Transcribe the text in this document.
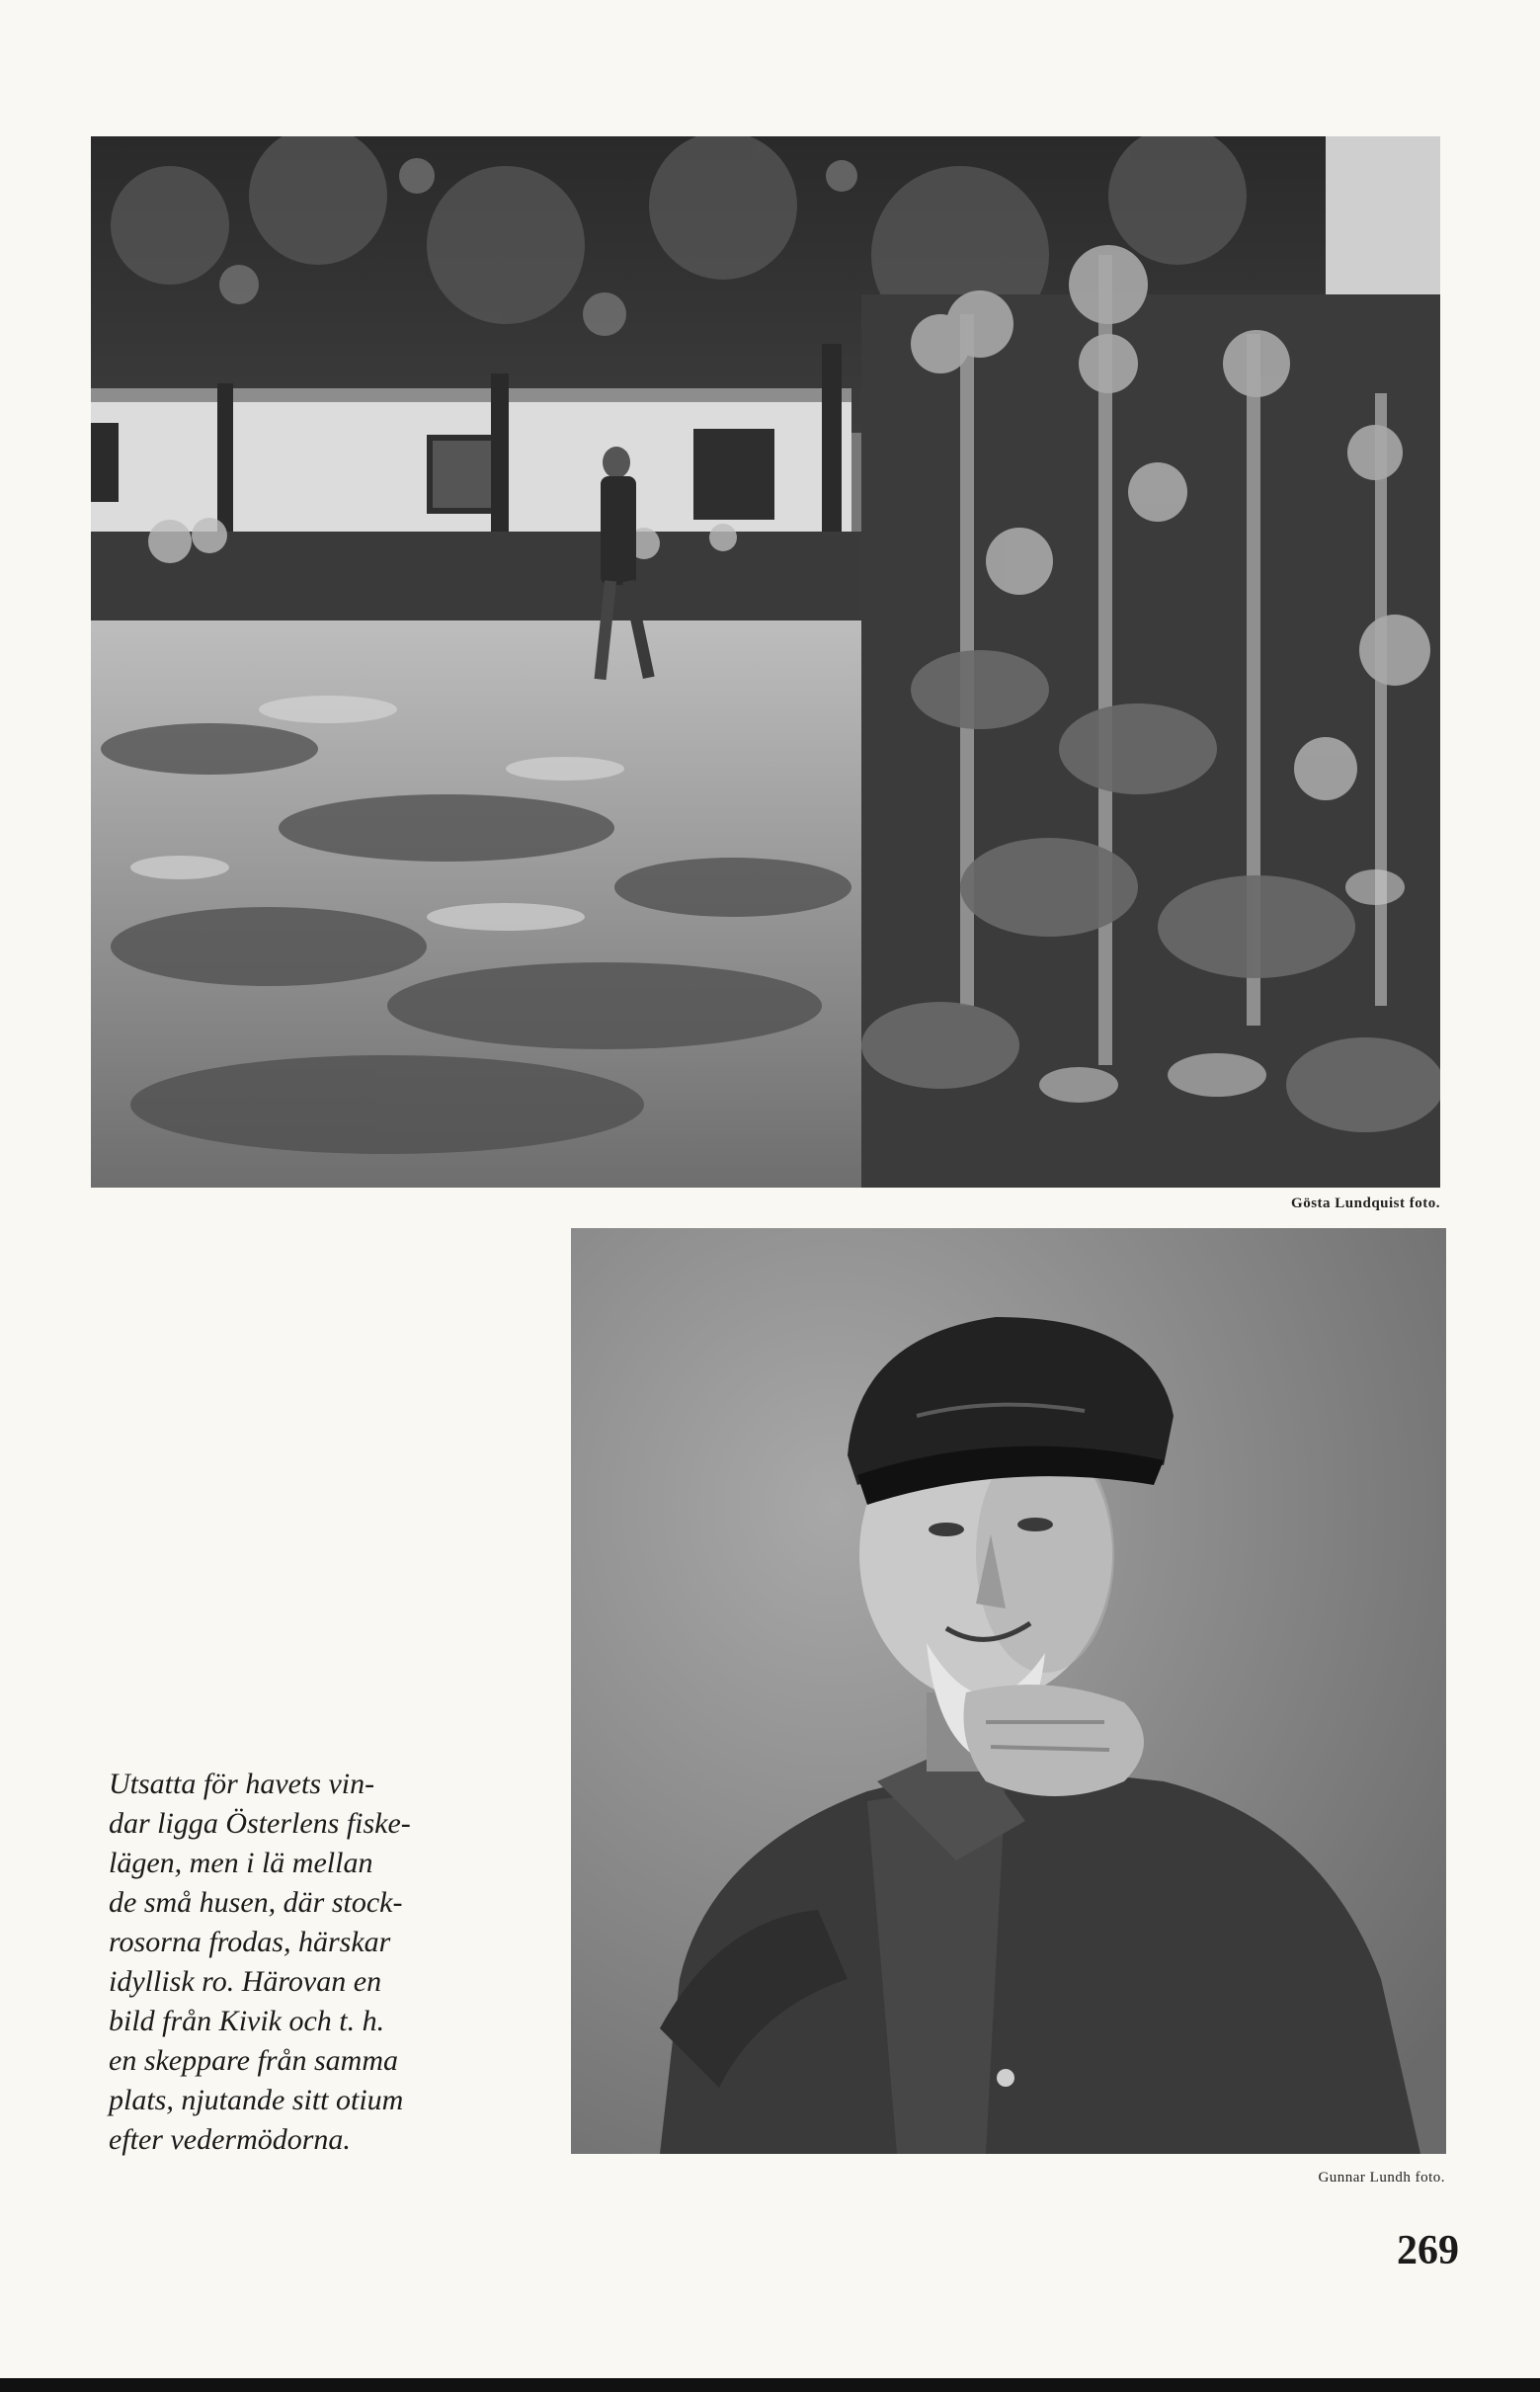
Gösta Lundquist foto.
Gunnar Lundh foto.
Utsatta för havets vin-
dar ligga Österlens fiske-
lägen, men i lä mellan
de små husen, där stock-
rosorna frodas, härskar
idyllisk ro. Härovan en
bild från Kivik och t. h.
en skeppare från samma
plats, njutande sitt otium
efter vedermödorna.
269
